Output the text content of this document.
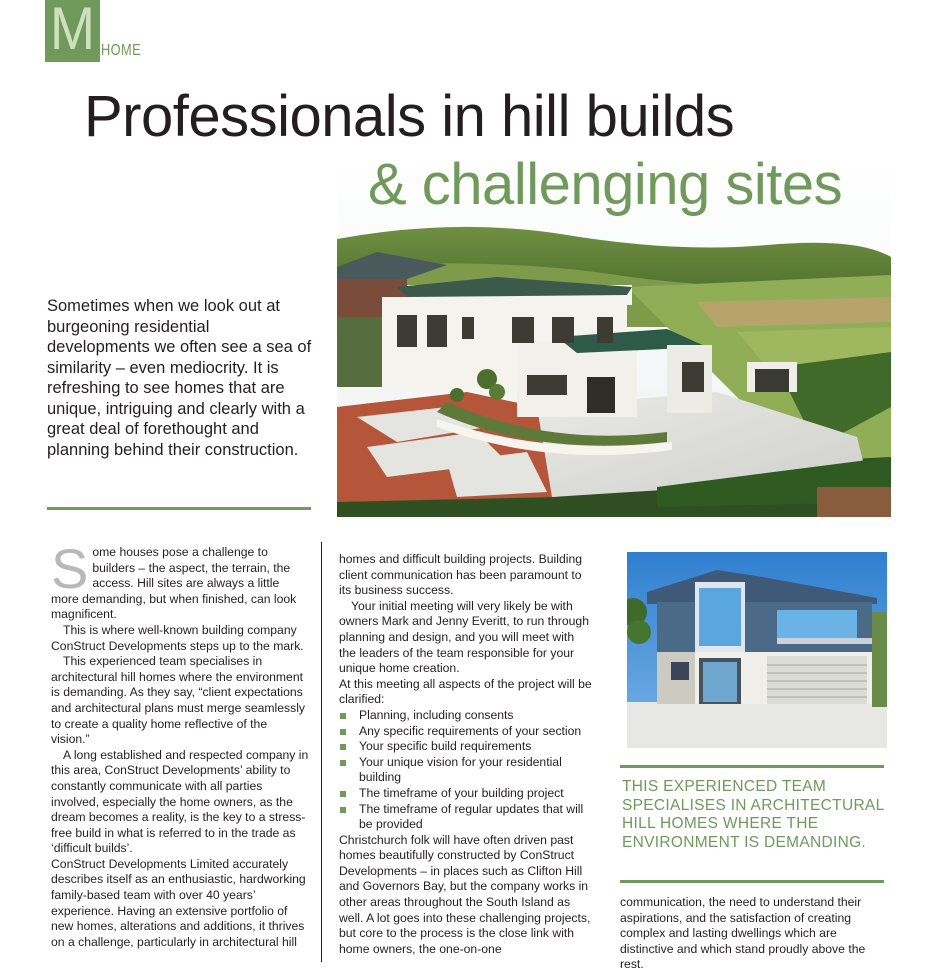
M HOME
Professionals in hill builds
& challenging sites
Sometimes when we look out at burgeoning residential developments we often see a sea of similarity – even mediocrity. It is refreshing to see homes that are unique, intriguing and clearly with a great deal of forethought and planning behind their construction.
S ome houses pose a challenge to builders – the aspect, the terrain, the access. Hill sites are always a little more demanding, but when finished, can look magnificent.

This is where well-known building company ConStruct Developments steps up to the mark.

This experienced team specialises in architectural hill homes where the environment is demanding. As they say, “client expectations and architectural plans must merge seamlessly to create a quality home reflective of the vision.”

A long established and respected company in this area, ConStruct Developments’ ability to constantly communicate with all parties involved, especially the home owners, as the dream becomes a reality, is the key to a stress-free build in what is referred to in the trade as ‘difficult builds’.

ConStruct Developments Limited accurately describes itself as an enthusiastic, hardworking family-based team with over 40 years’ experience. Having an extensive portfolio of new homes, alterations and additions, it thrives on a challenge, particularly in architectural hill

homes and difficult building projects. Building client communication has been paramount to its business success.

Your initial meeting will very likely be with owners Mark and Jenny Everitt, to run through planning and design, and you will meet with the leaders of the team responsible for your unique home creation.

At this meeting all aspects of the project will be clarified:

Planning, including consents
Any specific requirements of your section
Your specific build requirements
Your unique vision for your residential building
The timeframe of your building project
The timeframe of regular updates that will be provided

Christchurch folk will have often driven past homes beautifully constructed by ConStruct Developments – in places such as Clifton Hill and Governors Bay, but the company works in other areas throughout the South Island as well. A lot goes into these challenging projects, but core to the process is the close link with home owners, the one-on-one

THIS EXPERIENCED TEAM SPECIALISES IN ARCHITECTURAL HILL HOMES WHERE THE ENVIRONMENT IS DEMANDING.

communication, the need to understand their aspirations, and the satisfaction of creating complex and lasting dwellings which are distinctive and which stand proudly above the rest.
